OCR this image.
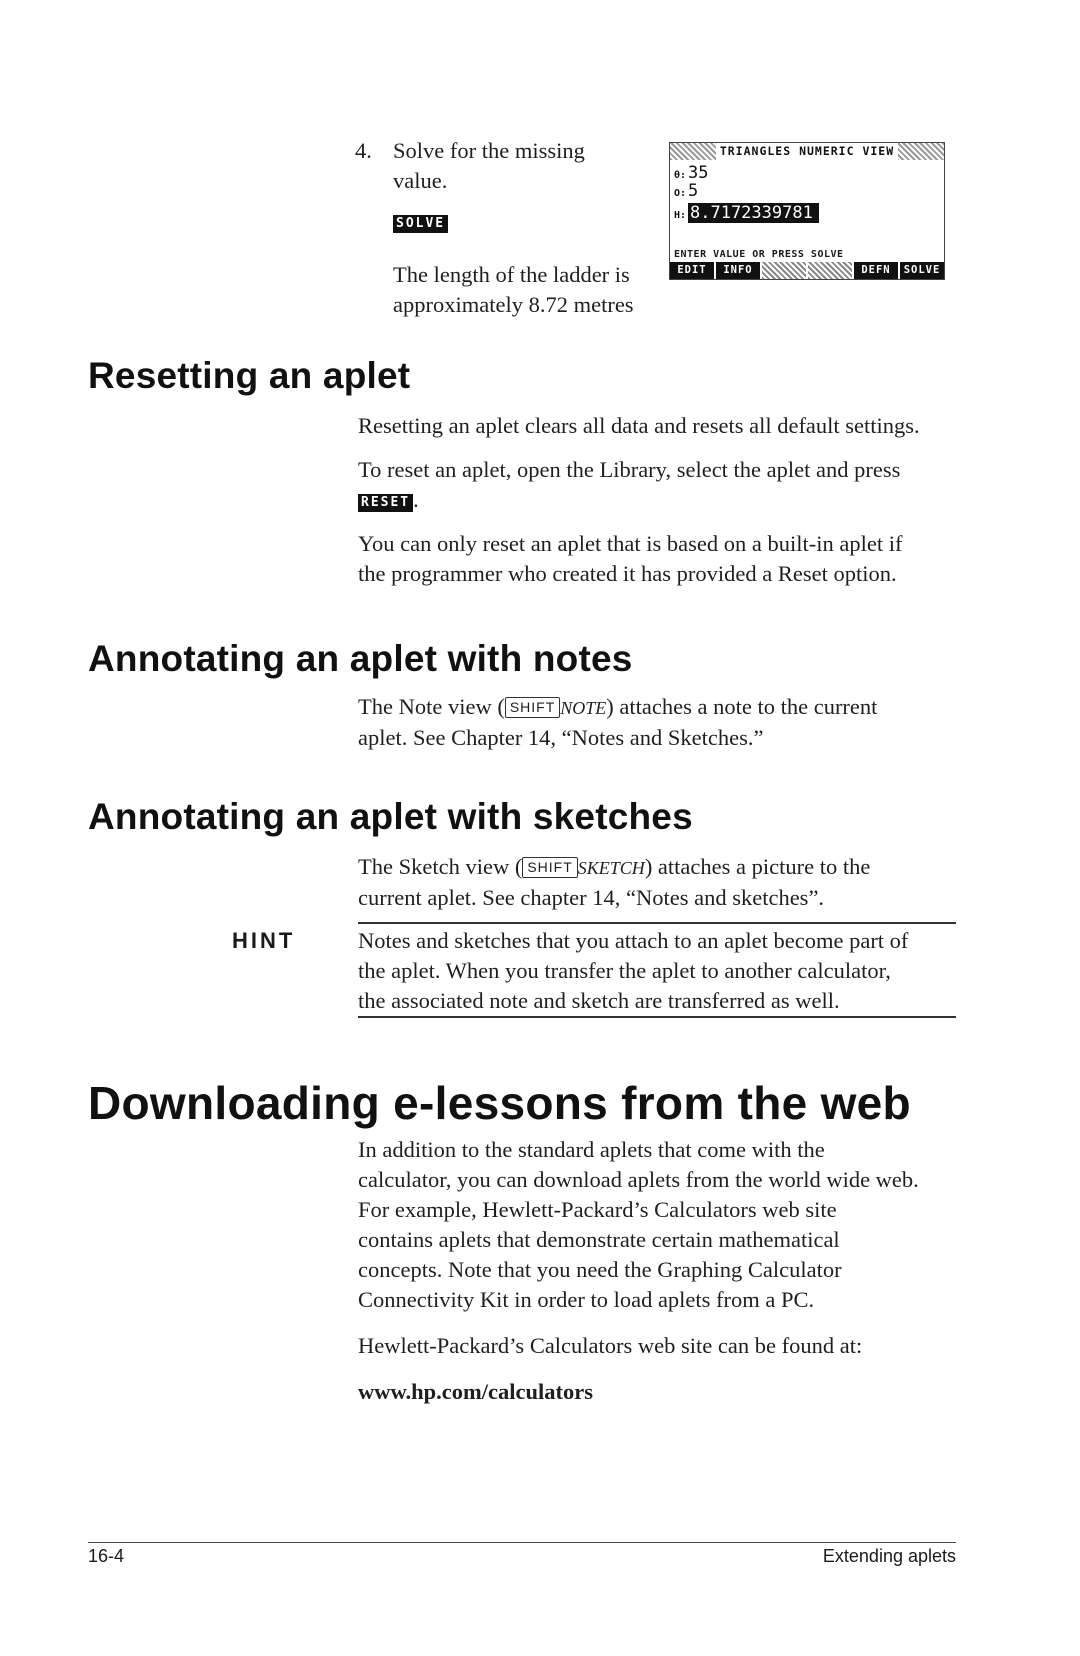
4. Solve for the missing
value.
SOLVE
The length of the ladder is
approximately 8.72 metres
TRIANGLES NUMERIC VIEW
θ: 35
O: 5
H: 8.7172339781
ENTER VALUE OR PRESS SOLVE
EDIT	INFO	DEFN	SOLVE
Resetting an aplet
Resetting an aplet clears all data and resets all default settings.
To reset an aplet, open the Library, select the aplet and press
RESET .
You can only reset an aplet that is based on a built-in aplet if
the programmer who created it has provided a Reset option.
Annotating an aplet with notes
The Note view ( SHIFT NOTE) attaches a note to the current
aplet. See Chapter 14, “Notes and Sketches.”
Annotating an aplet with sketches
The Sketch view ( SHIFT SKETCH) attaches a picture to the
current aplet. See chapter 14, “Notes and sketches”.
HINT	Notes and sketches that you attach to an aplet become part of
the aplet. When you transfer the aplet to another calculator,
the associated note and sketch are transferred as well.
Downloading e-lessons from the web
In addition to the standard aplets that come with the
calculator, you can download aplets from the world wide web.
For example, Hewlett-Packard’s Calculators web site
contains aplets that demonstrate certain mathematical
concepts. Note that you need the Graphing Calculator
Connectivity Kit in order to load aplets from a PC.
Hewlett-Packard’s Calculators web site can be found at:
www.hp.com/calculators
16-4	Extending aplets
